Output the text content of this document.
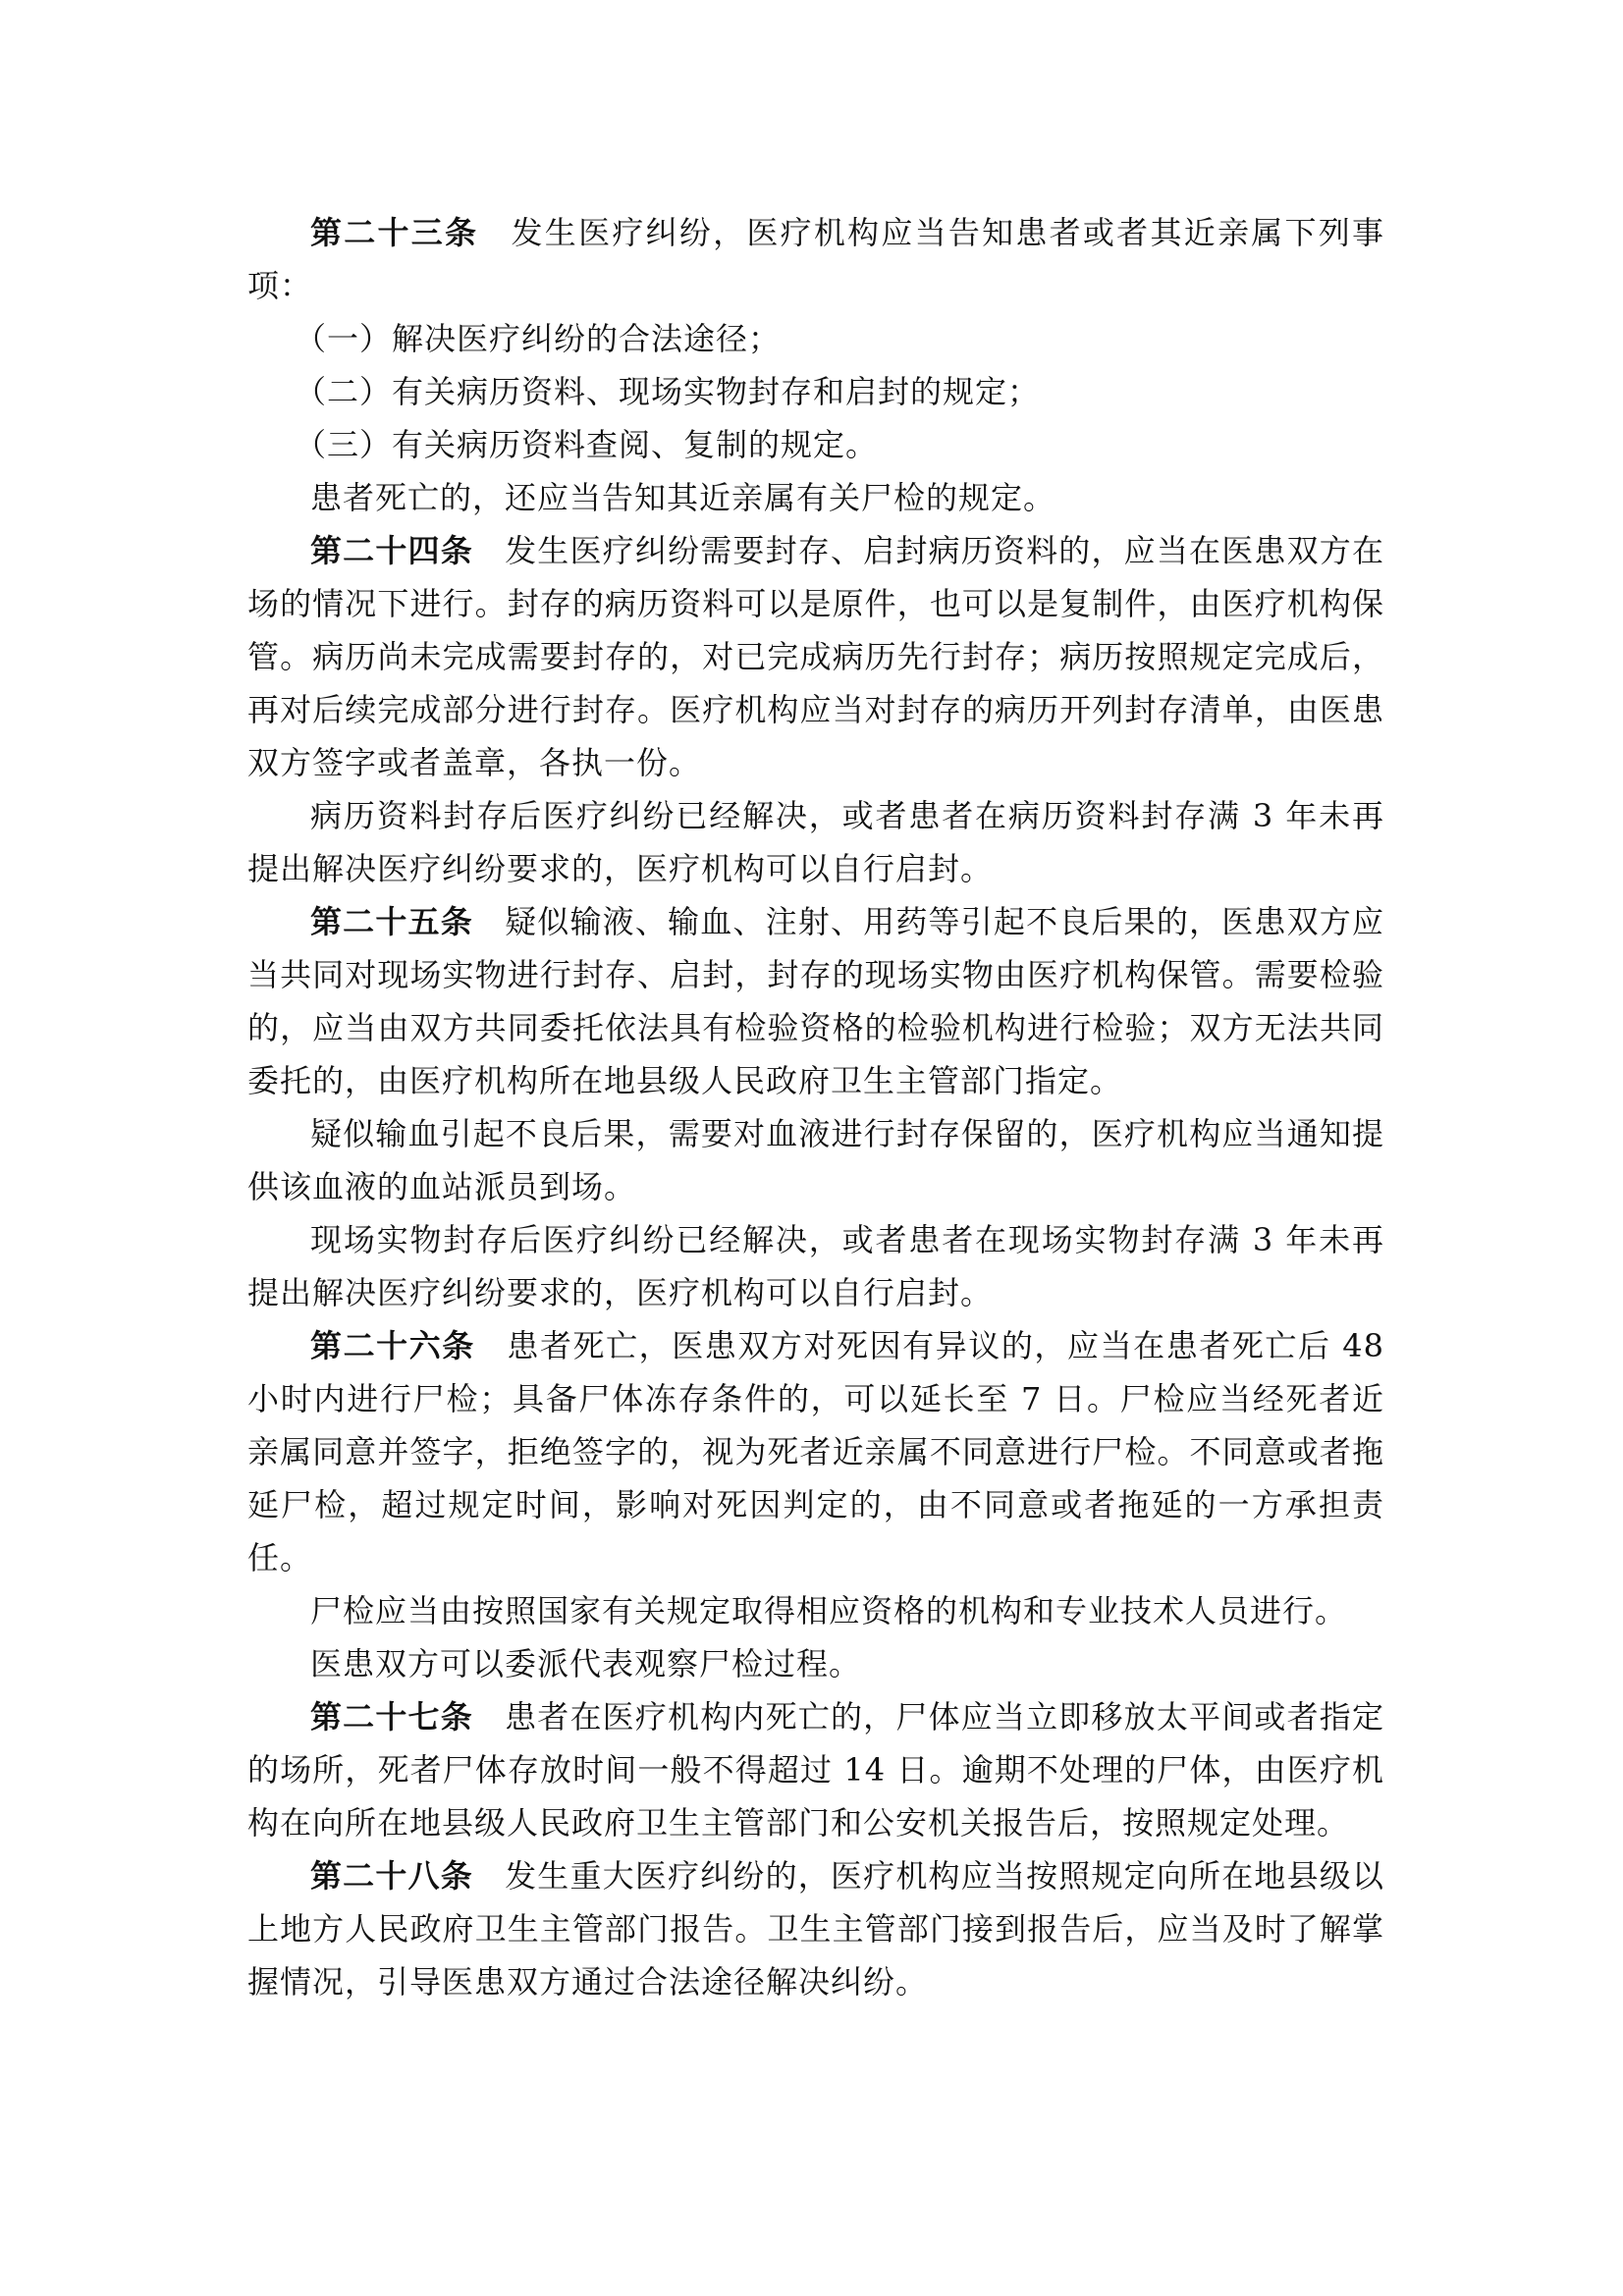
第二十三条 发生医疗纠纷，医疗机构应当告知患者或者其近亲属下列事项：

（一）解决医疗纠纷的合法途径；

（二）有关病历资料、现场实物封存和启封的规定；

（三）有关病历资料查阅、复制的规定。

患者死亡的，还应当告知其近亲属有关尸检的规定。

第二十四条 发生医疗纠纷需要封存、启封病历资料的，应当在医患双方在场的情况下进行。封存的病历资料可以是原件，也可以是复制件，由医疗机构保管。病历尚未完成需要封存的，对已完成病历先行封存；病历按照规定完成后，再对后续完成部分进行封存。医疗机构应当对封存的病历开列封存清单，由医患双方签字或者盖章，各执一份。

病历资料封存后医疗纠纷已经解决，或者患者在病历资料封存满 3 年未再提出解决医疗纠纷要求的，医疗机构可以自行启封。

第二十五条 疑似输液、输血、注射、用药等引起不良后果的，医患双方应当共同对现场实物进行封存、启封，封存的现场实物由医疗机构保管。需要检验的，应当由双方共同委托依法具有检验资格的检验机构进行检验；双方无法共同委托的，由医疗机构所在地县级人民政府卫生主管部门指定。

疑似输血引起不良后果，需要对血液进行封存保留的，医疗机构应当通知提供该血液的血站派员到场。

现场实物封存后医疗纠纷已经解决，或者患者在现场实物封存满 3 年未再提出解决医疗纠纷要求的，医疗机构可以自行启封。

第二十六条 患者死亡，医患双方对死因有异议的，应当在患者死亡后 48 小时内进行尸检；具备尸体冻存条件的，可以延长至 7 日。尸检应当经死者近亲属同意并签字，拒绝签字的，视为死者近亲属不同意进行尸检。不同意或者拖延尸检，超过规定时间，影响对死因判定的，由不同意或者拖延的一方承担责任。

尸检应当由按照国家有关规定取得相应资格的机构和专业技术人员进行。

医患双方可以委派代表观察尸检过程。

第二十七条 患者在医疗机构内死亡的，尸体应当立即移放太平间或者指定的场所，死者尸体存放时间一般不得超过 14 日。逾期不处理的尸体，由医疗机构在向所在地县级人民政府卫生主管部门和公安机关报告后，按照规定处理。

第二十八条 发生重大医疗纠纷的，医疗机构应当按照规定向所在地县级以上地方人民政府卫生主管部门报告。卫生主管部门接到报告后，应当及时了解掌握情况，引导医患双方通过合法途径解决纠纷。
